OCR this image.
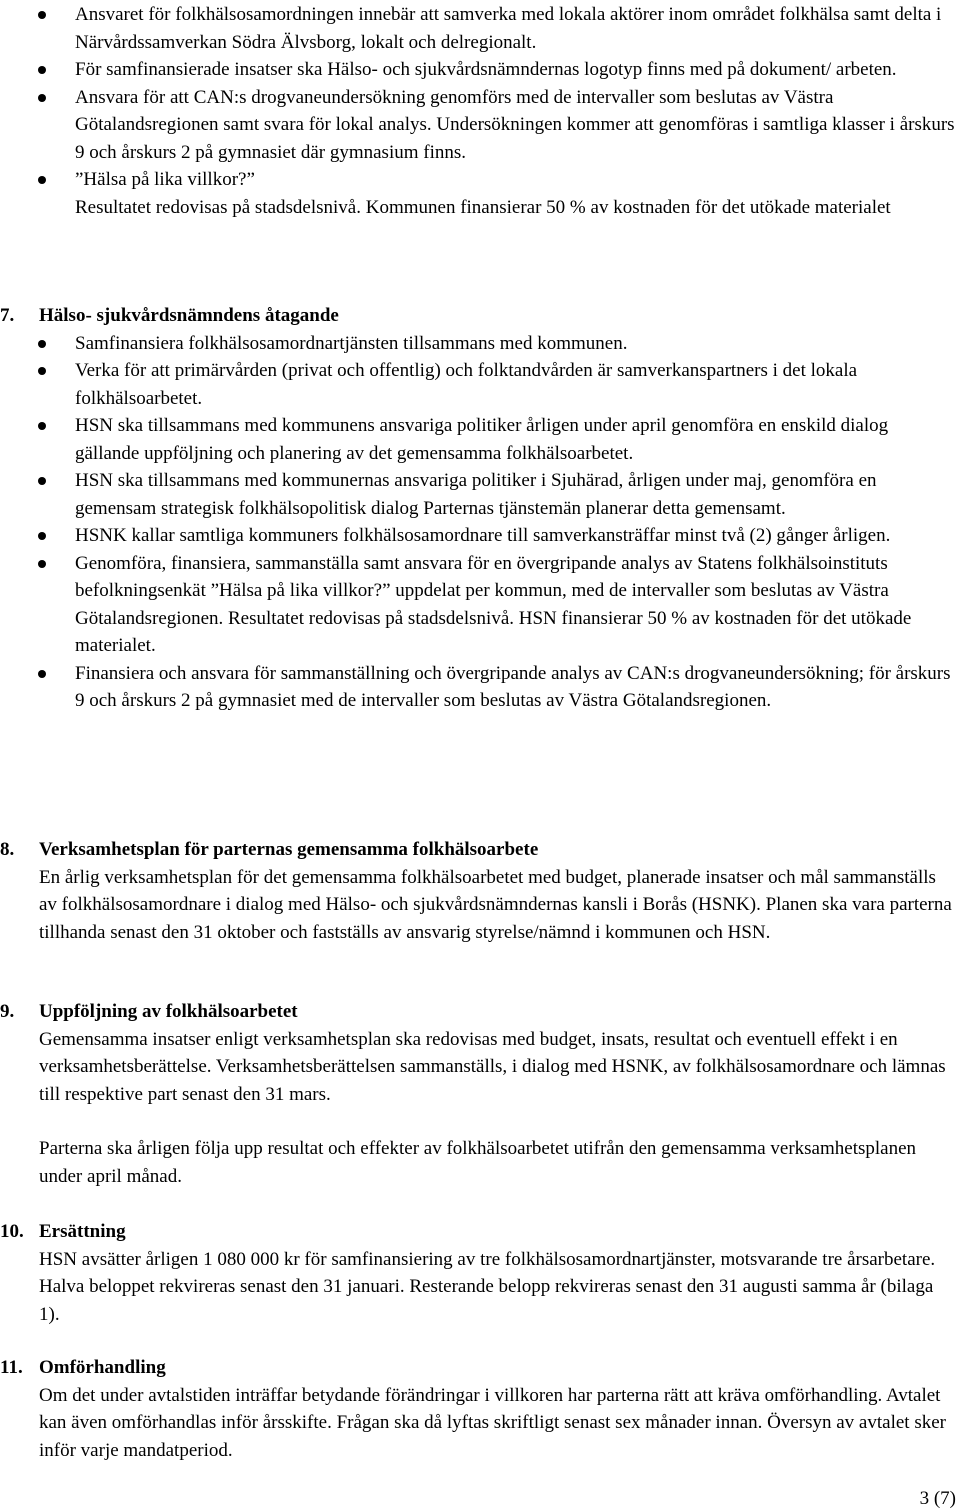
Ansvaret för folkhälsosamordningen innebär att samverka med lokala aktörer inom området folkhälsa samt delta i Närvårdssamverkan Södra Älvsborg, lokalt och delregionalt.
För samfinansierade insatser ska Hälso- och sjukvårdsnämndernas logotyp finns med på dokument/ arbeten.
Ansvara för att CAN:s drogvaneundersökning genomförs med de intervaller som beslutas av Västra Götalandsregionen samt svara för lokal analys. Undersökningen kommer att genomföras i samtliga klasser i årskurs 9 och årskurs 2 på gymnasiet där gymnasium finns.
”Hälsa på lika villkor?”
Resultatet redovisas på stadsdelsnivå. Kommunen finansierar 50 % av kostnaden för det utökade materialet
7.	Hälso- sjukvårdsnämndens åtagande
Samfinansiera folkhälsosamordnartjänsten tillsammans med kommunen.
Verka för att primärvården (privat och offentlig) och folktandvården är samverkanspartners i det lokala folkhälsoarbetet.
HSN ska tillsammans med kommunens ansvariga politiker årligen under april genomföra en enskild dialog gällande uppföljning och planering av det gemensamma folkhälsoarbetet.
HSN ska tillsammans med kommunernas ansvariga politiker i Sjuhärad, årligen under maj, genomföra en gemensam strategisk folkhälsopolitisk dialog Parternas tjänstemän planerar detta gemensamt.
HSNK kallar samtliga kommuners folkhälsosamordnare till samverkansträffar minst två (2) gånger årligen.
Genomföra, finansiera, sammanställa samt ansvara för en övergripande analys av Statens folkhälsoinstituts befolkningsenkät ”Hälsa på lika villkor?” uppdelat per kommun, med de intervaller som beslutas av Västra Götalandsregionen. Resultatet redovisas på stadsdelsnivå. HSN finansierar 50 % av kostnaden för det utökade materialet.
Finansiera och ansvara för sammanställning och övergripande analys av CAN:s drogvaneundersökning; för årskurs 9 och årskurs 2 på gymnasiet med de intervaller som beslutas av Västra Götalandsregionen.
8.	Verksamhetsplan för parternas gemensamma folkhälsoarbete

En årlig verksamhetsplan för det gemensamma folkhälsoarbetet med budget, planerade insatser och mål sammanställs av folkhälsosamordnare i dialog med Hälso- och sjukvårdsnämndernas kansli i Borås (HSNK). Planen ska vara parterna tillhanda senast den 31 oktober och fastställs av ansvarig styrelse/nämnd i kommunen och HSN.

9.	Uppföljning av folkhälsoarbetet

Gemensamma insatser enligt verksamhetsplan ska redovisas med budget, insats, resultat och eventuell effekt i en verksamhetsberättelse. Verksamhetsberättelsen sammanställs, i dialog med HSNK, av folkhälsosamordnare och lämnas till respektive part senast den 31 mars.

Parterna ska årligen följa upp resultat och effekter av folkhälsoarbetet utifrån den gemensamma verksamhetsplanen under april månad.

10. Ersättning

HSN avsätter årligen 1 080 000 kr för samfinansiering av tre folkhälsosamordnartjänster, motsvarande tre årsarbetare. Halva beloppet rekvireras senast den 31 januari. Resterande belopp rekvireras senast den 31 augusti samma år (bilaga 1).

11. Omförhandling

Om det under avtalstiden inträffar betydande förändringar i villkoren har parterna rätt att kräva omförhandling. Avtalet kan även omförhandlas inför årsskifte. Frågan ska då lyftas skriftligt senast sex månader innan. Översyn av avtalet sker inför varje mandatperiod.

3 (7)
